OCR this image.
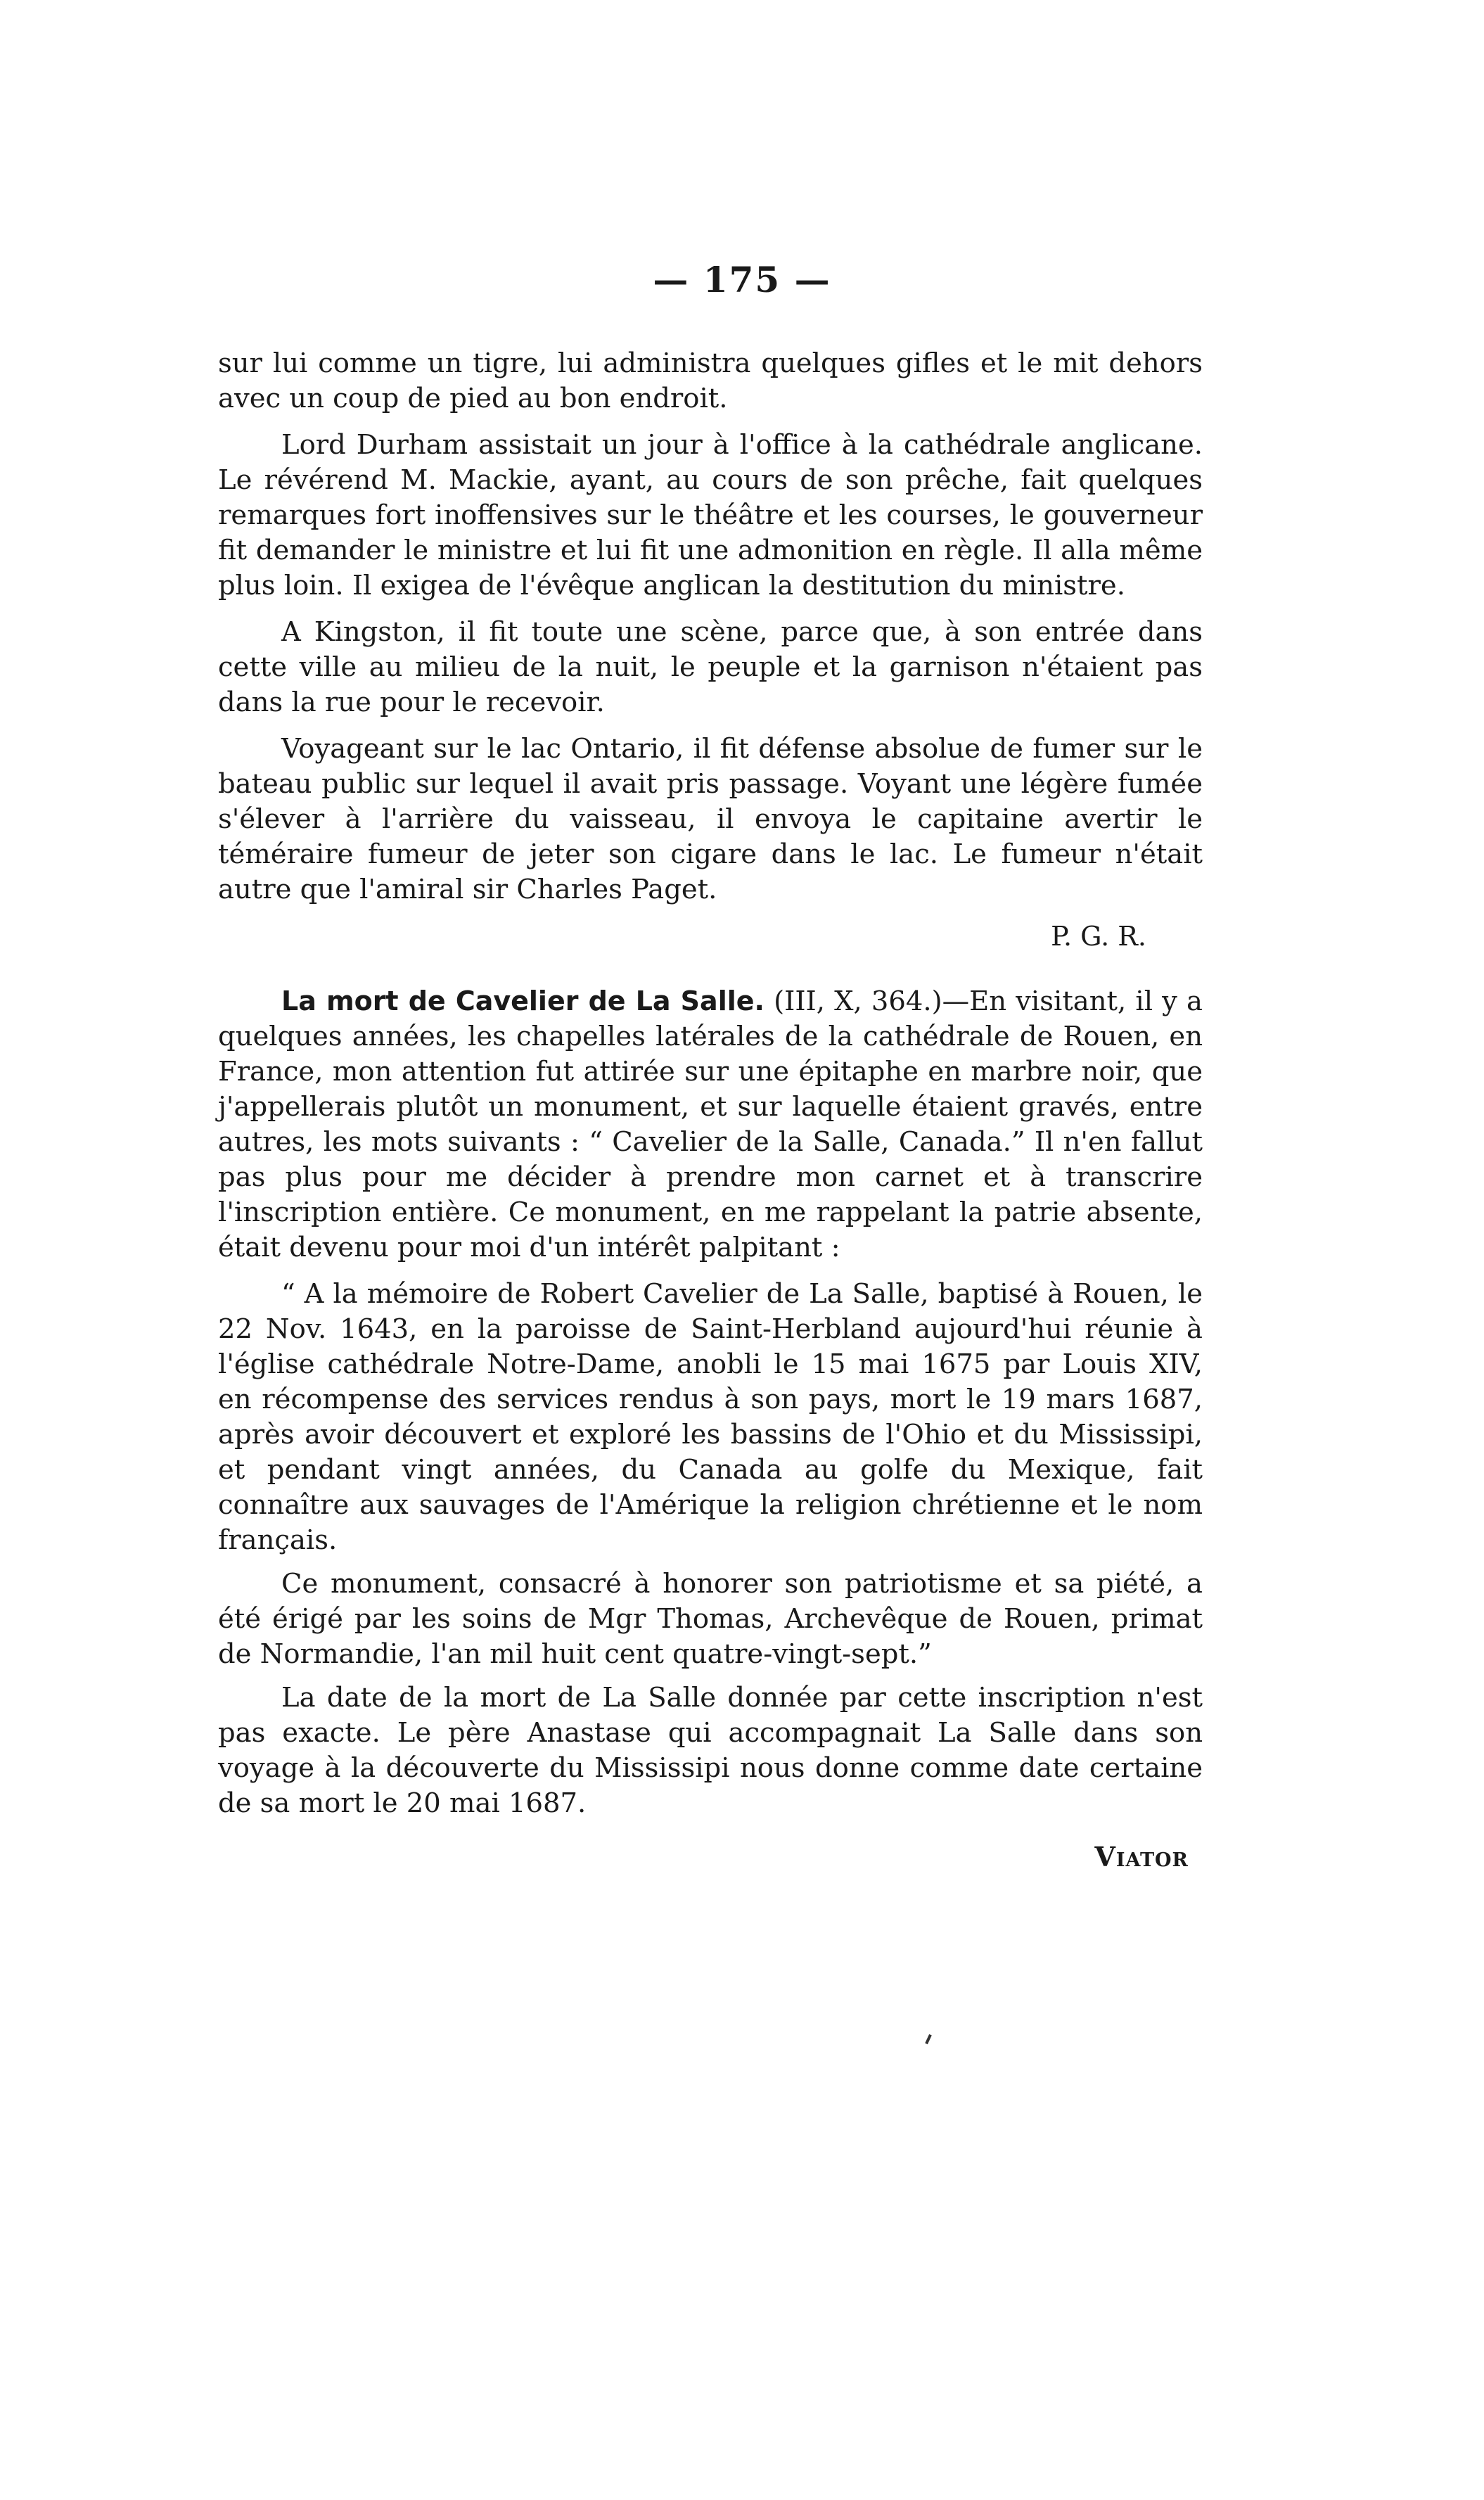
— 175 —

sur lui comme un tigre, lui administra quelques gifles et le mit dehors avec un coup de pied au bon endroit.

Lord Durham assistait un jour à l'office à la cathédrale anglicane. Le révérend M. Mackie, ayant, au cours de son prêche, fait quelques remarques fort inoffensives sur le théâtre et les courses, le gouverneur fit demander le ministre et lui fit une admonition en règle. Il alla même plus loin. Il exigea de l'évêque anglican la destitution du ministre.

A Kingston, il fit toute une scène, parce que, à son entrée dans cette ville au milieu de la nuit, le peuple et la garnison n'étaient pas dans la rue pour le recevoir.

Voyageant sur le lac Ontario, il fit défense absolue de fumer sur le bateau public sur lequel il avait pris passage. Voyant une légère fumée s'élever à l'arrière du vaisseau, il envoya le capitaine avertir le téméraire fumeur de jeter son cigare dans le lac. Le fumeur n'était autre que l'amiral sir Charles Paget.

P. G. R.

La mort de Cavelier de La Salle. (III, X, 364.)—En visitant, il y a quelques années, les chapelles latérales de la cathédrale de Rouen, en France, mon attention fut attirée sur une épitaphe en marbre noir, que j'appellerais plutôt un monument, et sur laquelle étaient gravés, entre autres, les mots suivants : “ Cavelier de la Salle, Canada.” Il n'en fallut pas plus pour me décider à prendre mon carnet et à transcrire l'inscription entière. Ce monument, en me rappelant la patrie absente, était devenu pour moi d'un intérêt palpitant :

“ A la mémoire de Robert Cavelier de La Salle, baptisé à Rouen, le 22 Nov. 1643, en la paroisse de Saint-Herbland aujourd'hui réunie à l'église cathédrale Notre-Dame, anobli le 15 mai 1675 par Louis XIV, en récompense des services rendus à son pays, mort le 19 mars 1687, après avoir découvert et exploré les bassins de l'Ohio et du Mississipi, et pendant vingt années, du Canada au golfe du Mexique, fait connaître aux sauvages de l'Amérique la religion chrétienne et le nom français.

Ce monument, consacré à honorer son patriotisme et sa piété, a été érigé par les soins de Mgr Thomas, Archevêque de Rouen, primat de Normandie, l'an mil huit cent quatre-vingt-sept.”

La date de la mort de La Salle donnée par cette inscription n'est pas exacte. Le père Anastase qui accompagnait La Salle dans son voyage à la découverte du Mississipi nous donne comme date certaine de sa mort le 20 mai 1687.

Viator
